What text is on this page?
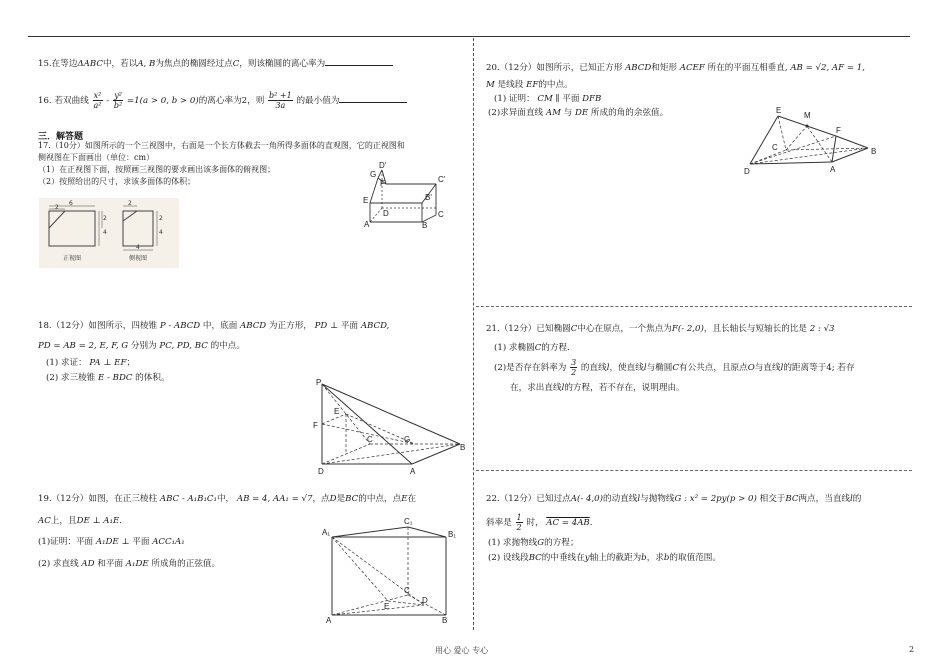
15.在等边ΔABC中，若以A, B为焦点的椭圆经过点C，则该椭圆的离心率为
16. 若双曲线 $\frac{\text{x²}}{\text{a²}} - \frac{\text{y²}}{\text{b²}} =1(a > 0$, b > 0)的离心率为2，则 $\frac{\text{b² +1}}{3a}$ 的最小值为
三．解答题
17.（10分）如图所示的一个三视图中，右面是一个长方体截去一角所得多面体的直观图，它的正视图和
侧视图在下面画出（单位：cm）
（1）在正视图下面，按照画三视图的要求画出该多面体的俯视图；
（2）按照给出的尺寸，求该多面体的体积；
6
2
4
2
正视图
2
2
4
4
侧视图
D'
G
C'
F
B'
E
D	C
A	B
18.（12分）如图所示，四棱锥 P - ABCD 中，底面 ABCD 为正方形， PD ⊥ 平面 ABCD,
PD = AB = 2, E, F, G 分别为 PC, PD, BC 的中点。
(1) 求证： PA ⊥ EF；
(2) 求三棱锥 E - BDC 的体积。	P
E
F
C	G
B
D	A
19.（12分）如图，在正三棱柱 ABC - A₁B₁C₁中， AB = 4, AA₁ = √7，点D是BC的中点，点E在
AC上，且DE ⊥ A₁E．
(1)证明：平面 A₁DE ⊥ 平面 ACC₁A₁
(2) 求直线 AD 和平面 A₁DE 所成角的正弦值。
A₁
C₁
B₁
C
D
A
E
B
20.（12分）如图所示，已知正方形 ABCD和矩形 ACEF 所在的平面互相垂直, AB = √2, AF = 1,
M 是线段 EF的中点。
(1) 证明： CM ∥ 平面 DFB
(2)求异面直线 AM 与 DE 所成的角的余弦值。	E
M
F
C	B
D	A
21.（12分）已知椭圆C中心在原点，一个焦点为F(- 2,0)，且长轴长与短轴长的比是 2 : √3
(1) 求椭圆C的方程.
(2)是否存在斜率为 $\frac{3}{2}$ 的直线l，使直线l与椭圆C有公共点，且原点O与直线l的距离等于4; 若存
在，求出直线l的方程，若不存在，说明理由。
22.（12分）已知过点A(- 4,0)的动直线l与抛物线G : x² = 2py(p > 0) 相交于BC两点，当直线l的
斜率是 $\frac{1}{2}$ 时， AC = 4AB．
(1) 求抛物线G的方程；
(2) 设线段BC的中垂线在y轴上的截距为b，求b的取值范围。
用心 爱心 专心	2
